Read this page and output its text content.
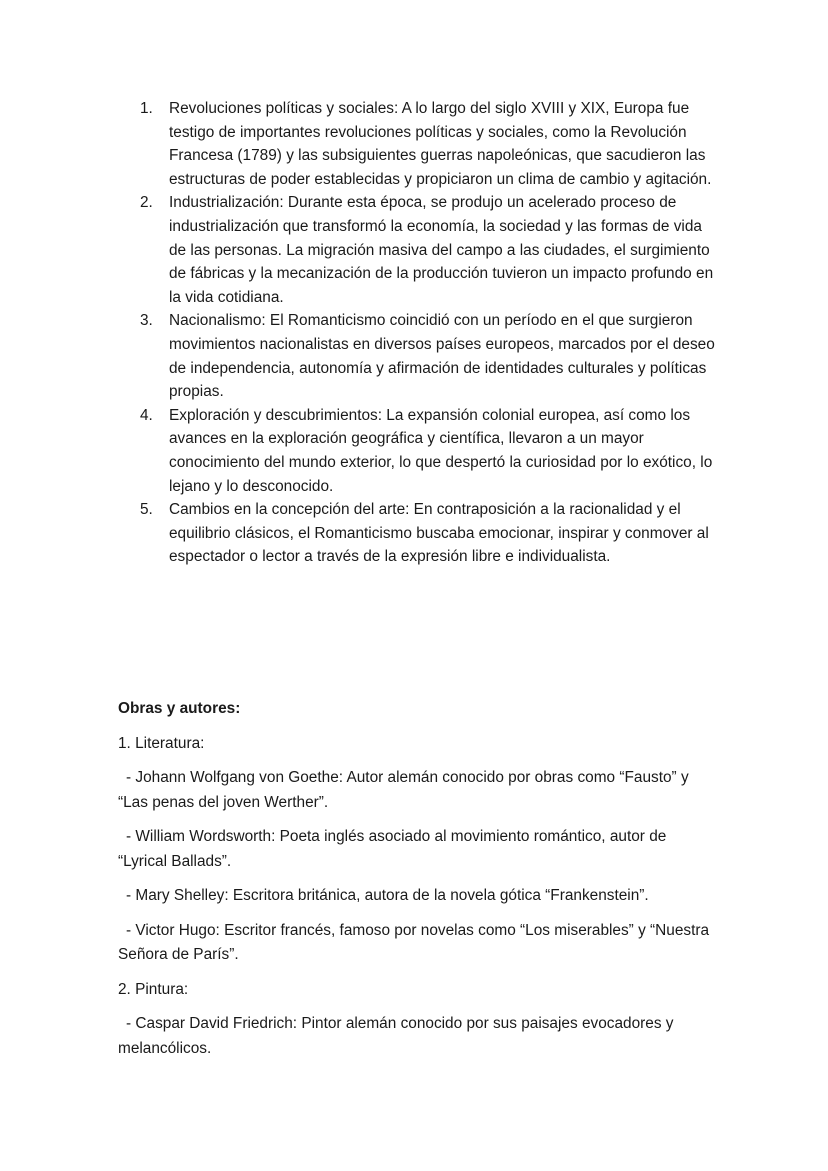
1.	Revoluciones políticas y sociales: A lo largo del siglo XVIII y XIX, Europa fue testigo de importantes revoluciones políticas y sociales, como la Revolución Francesa (1789) y las subsiguientes guerras napoleónicas, que sacudieron las estructuras de poder establecidas y propiciaron un clima de cambio y agitación.
2.	Industrialización: Durante esta época, se produjo un acelerado proceso de industrialización que transformó la economía, la sociedad y las formas de vida de las personas. La migración masiva del campo a las ciudades, el surgimiento de fábricas y la mecanización de la producción tuvieron un impacto profundo en la vida cotidiana.
3.	Nacionalismo: El Romanticismo coincidió con un período en el que surgieron movimientos nacionalistas en diversos países europeos, marcados por el deseo de independencia, autonomía y afirmación de identidades culturales y políticas propias.
4.	Exploración y descubrimientos: La expansión colonial europea, así como los avances en la exploración geográfica y científica, llevaron a un mayor conocimiento del mundo exterior, lo que despertó la curiosidad por lo exótico, lo lejano y lo desconocido.
5.	Cambios en la concepción del arte: En contraposición a la racionalidad y el equilibrio clásicos, el Romanticismo buscaba emocionar, inspirar y conmover al espectador o lector a través de la expresión libre e individualista.

Obras y autores:

1. Literatura:

- Johann Wolfgang von Goethe: Autor alemán conocido por obras como “Fausto” y “Las penas del joven Werther”.

- William Wordsworth: Poeta inglés asociado al movimiento romántico, autor de “Lyrical Ballads”.

- Mary Shelley: Escritora británica, autora de la novela gótica “Frankenstein”.

- Victor Hugo: Escritor francés, famoso por novelas como “Los miserables” y “Nuestra Señora de París”.

2. Pintura:

- Caspar David Friedrich: Pintor alemán conocido por sus paisajes evocadores y melancólicos.
